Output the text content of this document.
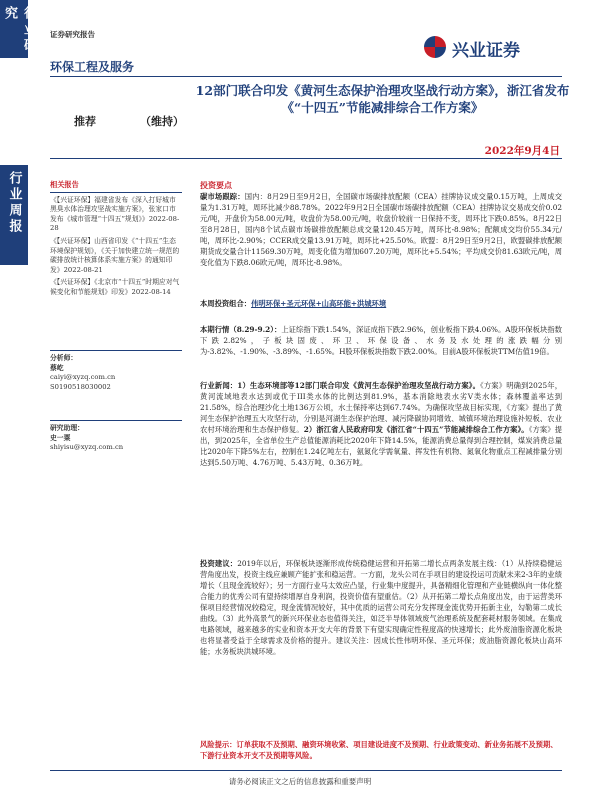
行业研究
行业周报
证券研究报告
环保工程及服务
兴业证券
12部门联合印发《黄河生态保护治理攻坚战行动方案》，浙江省发布《“十四五”节能减排综合工作方案》
推荐	（维持）
2022年9月4日
相关报告
《【兴证环保】福建省发布《深入打好城市黑臭水体治理攻坚战实施方案》，张家口市发布《城市管理“十四五”规划》》2022-08-28
《【兴证环保】山西省印发《“十四五”生态环境保护规划》，《关于加快建立统一规范的碳排放统计核算体系实施方案》的通知印发》2022-08-21
《【兴证环保】《北京市“十四五”时期应对气候变化和节能规划》印发》2022-08-14
分析师：
蔡屹
caiyi@xyzq.com.cn
S0190518030002
研究助理：
史一粟
shiyisu@xyzq.com.cn
投资要点

碳市场跟踪：国内：8月29日至9月2日，全国碳市场碳排放配额（CEA）挂牌协议成交量0.15万吨，上周成交量为1.31万吨，周环比减少88.78%。2022年9月2日全国碳市场碳排放配额（CEA）挂牌协议交易成交价0.02元/吨，开盘价为58.00元/吨，收盘价为58.00元/吨，收盘价较前一日保持不变，周环比下跌0.85%。8月22日至8月28日，国内8个试点碳市场碳排放配额总成交量120.45万吨，周环比-8.98%；配额成交均价55.34元/吨，周环比-2.90%；CCER成交量13.91万吨，周环比+25.50%。欧盟：8月29日至9月2日，欧盟碳排放配额期货成交量合计11569.30万吨，周变化值为增加607.20万吨，周环比+5.54%；平均成交价81.63欧元/吨，周变化值为下跌8.06欧元/吨，周环比-8.98%。

本周投资组合：伟明环保+圣元环保+山高环能+洪城环境

本期行情（8.29-9.2）：上证综指下跌1.54%，深证成指下跌2.96%，创业板指下跌4.06%。A股环保板块指数下跌2.82%，子板块固废、环卫、环保设备、水务及水处理的涨跌幅分别为-3.82%、-1.90%、-3.89%、-1.65%。H股环保板块指数下跌2.00%。目前A股环保板块TTM估值19倍。

行业新闻：1）生态环境部等12部门联合印发《黄河生态保护治理攻坚战行动方案》。《方案》明确到2025年，黄河流域地表水达到或优于III类水体的比例达到81.9%，基本消除地表水劣V类水体；森林覆盖率达到21.58%，综合治理沙化土地136万公顷，水土保持率达到67.74%。为确保攻坚战目标实现，《方案》提出了黄河生态保护治理五大攻坚行动，分别是河湖生态保护治理、减污降碳协同增效、城镇环境治理设施补短板、农业农村环境治理和生态保护修复。2）浙江省人民政府印发《浙江省“十四五”节能减排综合工作方案》。《方案》提出，到2025年，全省单位生产总值能源消耗比2020年下降14.5%，能源消费总量得到合理控制，煤炭消费总量比2020年下降5%左右，控制在1.24亿吨左右，氨氮化学需氧量、挥发性有机物、氮氧化物重点工程减排量分别达到5.50万吨、4.76万吨、5.43万吨、0.36万吨。

投资建议：2019年以后，环保板块逐渐形成传统稳健运营和开拓第二增长点两条发展主线：（1）从持续稳健运营角度出发，投资主线应兼顾产能扩张和稳运营。一方面，龙头公司在手项目的建设投运可贡献未来2-3年的业绩增长（且现金流较好）；另一方面行业马太效应凸显，行业集中度提升，具备精细化管理和产业链横纵向一体化整合能力的优秀公司有望持续增厚自身利润，投资价值有望重估。（2）从开拓第二增长点角度出发，由于运营类环保项目经营情况较稳定，现金流情况较好，其中优质的运营公司充分发挥现金流优势开拓新主业，勾勒第二成长曲线。（3）此外高景气的新兴环保业态也值得关注，如泛半导体领域废气治理系统及配套耗材服务领域。在集成电路领域，越来越多的实业和资本开支大年的背景下有望实现确定性程度高的快速增长；此外废油脂资源化板块也将显著受益于全球需求及价格的提升。建议关注：因成长性伟明环保、圣元环保；废油脂资源化板块山高环能；水务板块洪城环境。

风险提示：订单获取不及预期、融资环境收紧、项目建设进度不及预期、行业政策变动、新业务拓展不及预期、下游行业资本开支不及预期等风险。
请务必阅读正文之后的信息披露和重要声明
